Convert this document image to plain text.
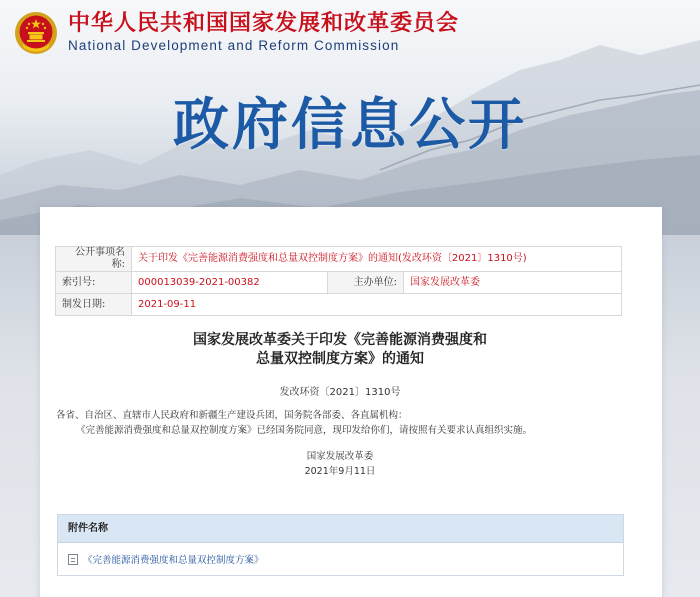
中华人民共和国国家发展和改革委员会
National Development and Reform Commission
政府信息公开
公开事项名称:	关于印发《完善能源消费强度和总量双控制度方案》的通知(发改环资〔2021〕1310号)		
索引号:	000013039-2021-00382	主办单位:	国家发展改革委
制发日期:	2021-09-11		
国家发展改革委关于印发《完善能源消费强度和
总量双控制度方案》的通知
发改环资〔2021〕1310号
各省、自治区、直辖市人民政府和新疆生产建设兵团，国务院各部委、各直属机构：
《完善能源消费强度和总量双控制度方案》已经国务院同意，现印发给你们，请按照有关要求认真组织实施。
国家发展改革委
2021年9月11日
附件名称
《完善能源消费强度和总量双控制度方案》
